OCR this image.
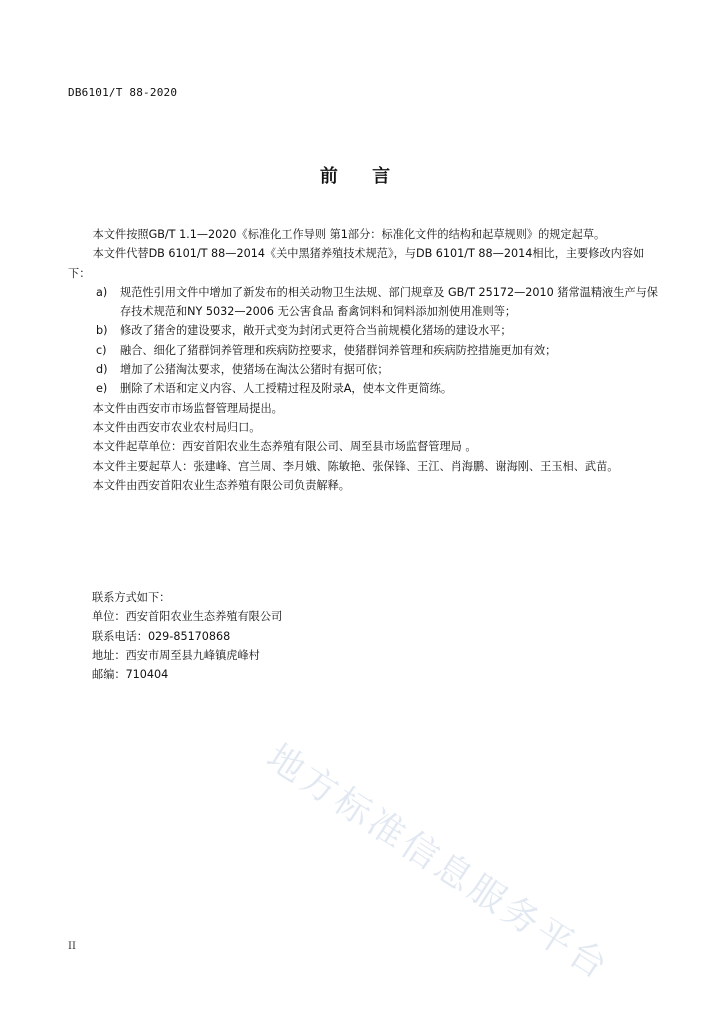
DB6101/T 88-2020
前 言

本文件按照GB/T 1.1—2020《标准化工作导则 第1部分：标准化文件的结构和起草规则》的规定起草。

本文件代替DB 6101/T 88—2014《关中黑猪养殖技术规范》，与DB 6101/T 88—2014相比，主要修改内容如下：

a) 规范性引用文件中增加了新发布的相关动物卫生法规、部门规章及 GB/T 25172—2010 猪常温精液生产与保存技术规范和NY 5032—2006 无公害食品 畜禽饲料和饲料添加剂使用准则等；
b) 修改了猪舍的建设要求，敞开式变为封闭式更符合当前规模化猪场的建设水平；
c) 融合、细化了猪群饲养管理和疾病防控要求，使猪群饲养管理和疾病防控措施更加有效；
d) 增加了公猪淘汰要求，使猪场在淘汰公猪时有据可依；
e) 删除了术语和定义内容、人工授精过程及附录A，使本文件更简练。

本文件由西安市市场监督管理局提出。

本文件由西安市农业农村局归口。

本文件起草单位：西安首阳农业生态养殖有限公司、周至县市场监督管理局 。

本文件主要起草人：张建峰、宫兰周、李月娥、陈敏艳、张保锋、王江、肖海鹏、谢海刚、王玉相、武苗。

本文件由西安首阳农业生态养殖有限公司负责解释。

联系方式如下：
单位：西安首阳农业生态养殖有限公司
联系电话：029-85170868
地址：西安市周至县九峰镇虎峰村
邮编：710404
地方标准信息服务平台
II
